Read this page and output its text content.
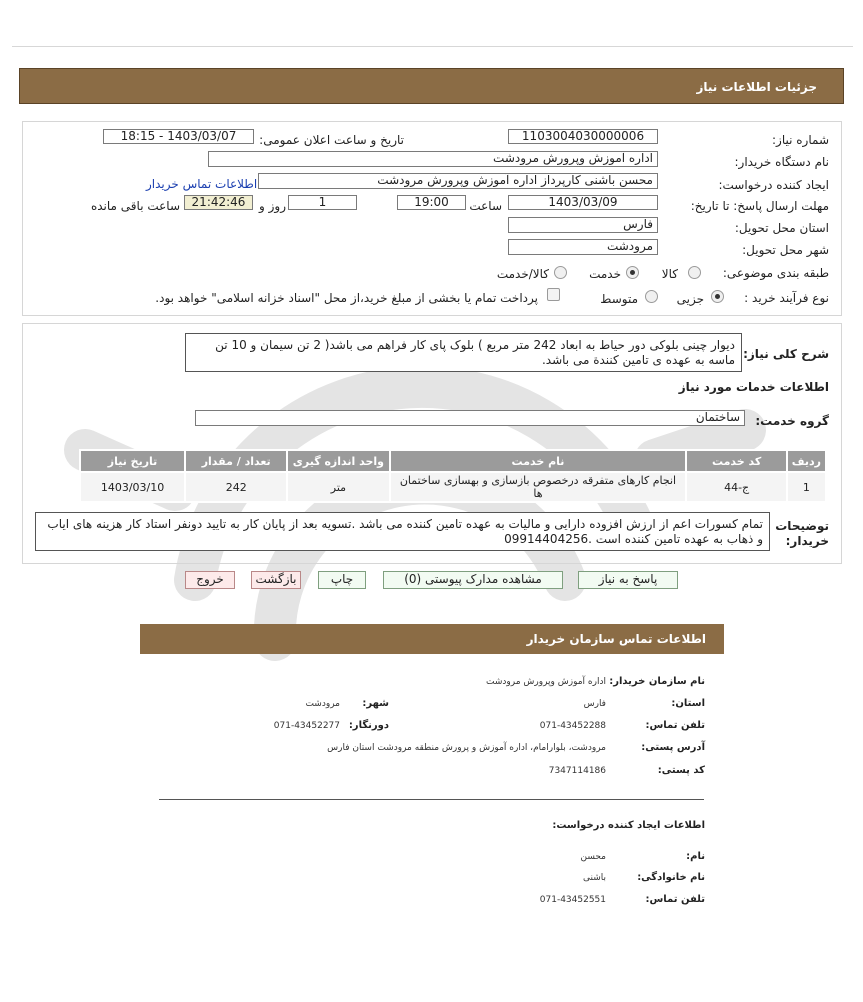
جزئیات اطلاعات نیاز
شماره نیاز:
1103004030000006
تاریخ و ساعت اعلان عمومی:
1403/03/07 - 18:15
نام دستگاه خریدار:
اداره آموزش وپرورش مرودشت
ایجاد کننده درخواست:
محسن باشنی کارپرداز اداره آموزش وپرورش مرودشت
اطلاعات تماس خریدار
مهلت ارسال پاسخ: تا تاریخ:
1403/03/09
ساعت
19:00
1
روز و
21:42:46
ساعت باقی مانده
استان محل تحویل:
فارس
شهر محل تحویل:
مرودشت
طبقه بندی موضوعی:
کالا
خدمت
کالا/خدمت
نوع فرآیند خرید :
جزیی
متوسط
پرداخت تمام یا بخشی از مبلغ خرید،از محل "اسناد خزانه اسلامی" خواهد بود.
شرح کلی نیاز:
دیوار چینی بلوکی دور حیاط به ابعاد 242 متر مربع ) بلوک پای کار فراهم می باشد( 2 تن سیمان و 10 تن ماسه به عهده ی تامین کنندة می باشد.
اطلاعات خدمات مورد نیاز
گروه خدمت:
ساختمان
ردیف	کد خدمت	نام خدمت	واحد اندازه گیری	تعداد / مقدار	تاریخ نیاز
1	ج-44	انجام کارهای متفرقه درخصوص بازسازی و بهسازی ساختمان ها	متر	242	1403/03/10
توضیحات خریدار:
تمام کسورات اعم از ارزش افزوده دارایی و مالیات به عهده تامین کننده می باشد .تسویه بعد از پایان کار به تایید دونفر استاد کار هزینه های ایاب و ذهاب به عهده تامین کننده است .09914404256
پاسخ به نیاز
مشاهده مدارک پیوستی (0)
چاپ
بازگشت
خروج
اطلاعات تماس سازمان خریدار
نام سازمان خریدار:
اداره آموزش وپرورش مرودشت
استان:
فارس
شهر:
مرودشت
تلفن تماس:
071-43452288
دورنگار:
071-43452277
آدرس پستی:
مرودشت، بلوارامام، اداره آموزش و پرورش منطقه مرودشت استان فارس
کد پستی:
7347114186
اطلاعات ایجاد کننده درخواست:
نام:
محسن
نام خانوادگی:
باشنی
تلفن تماس:
071-43452551
